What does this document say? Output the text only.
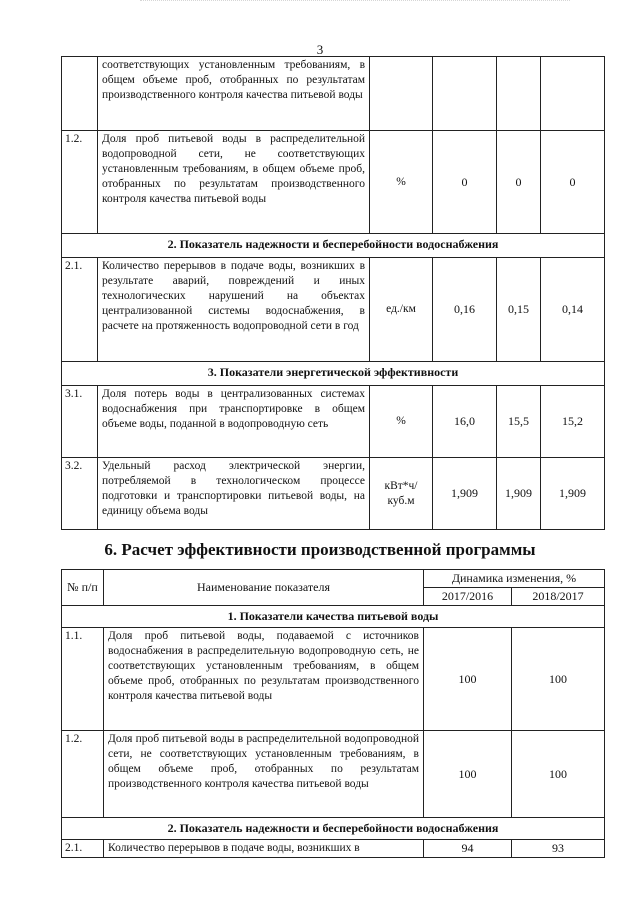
3
	соответствующих установленным требованиям, в общем объеме проб, отобранных по результатам производственного контроля качества питьевой воды				
1.2.	Доля проб питьевой воды в распределительной водопроводной сети, не соответствующих установленным требованиям, в общем объеме проб, отобранных по результатам производственного контроля качества питьевой воды	%	0	0	0
2. Показатель надежности и бесперебойности водоснабжения					
2.1.	Количество перерывов в подаче воды, возникших в результате аварий, повреждений и иных технологических нарушений на объектах централизованной системы водоснабжения, в расчете на протяженность водопроводной сети в год	ед./км	0,16	0,15	0,14
3. Показатели энергетической эффективности					
3.1.	Доля потерь воды в централизованных системах водоснабжения при транспортировке в общем объеме воды, поданной в водопроводную сеть	%	16,0	15,5	15,2
3.2.	Удельный расход электрической энергии, потребляемой в технологическом процессе подготовки и транспортировки питьевой воды, на единицу объема воды	кВт*ч/куб.м	1,909	1,909	1,909
6. Расчет эффективности производственной программы
№ п/п	Наименование показателя	Динамика изменения, %	
		2017/2016	2018/2017
1. Показатели качества питьевой воды			
1.1.	Доля проб питьевой воды, подаваемой с источников водоснабжения в распределительную водопроводную сеть, не соответствующих установленным требованиям, в общем объеме проб, отобранных по результатам производственного контроля качества питьевой воды	100	100
1.2.	Доля проб питьевой воды в распределительной водопроводной сети, не соответствующих установленным требованиям, в общем объеме проб, отобранных по результатам производственного контроля качества питьевой воды	100	100
2. Показатель надежности и бесперебойности водоснабжения			
2.1.	Количество перерывов в подаче воды, возникших в	94	93
